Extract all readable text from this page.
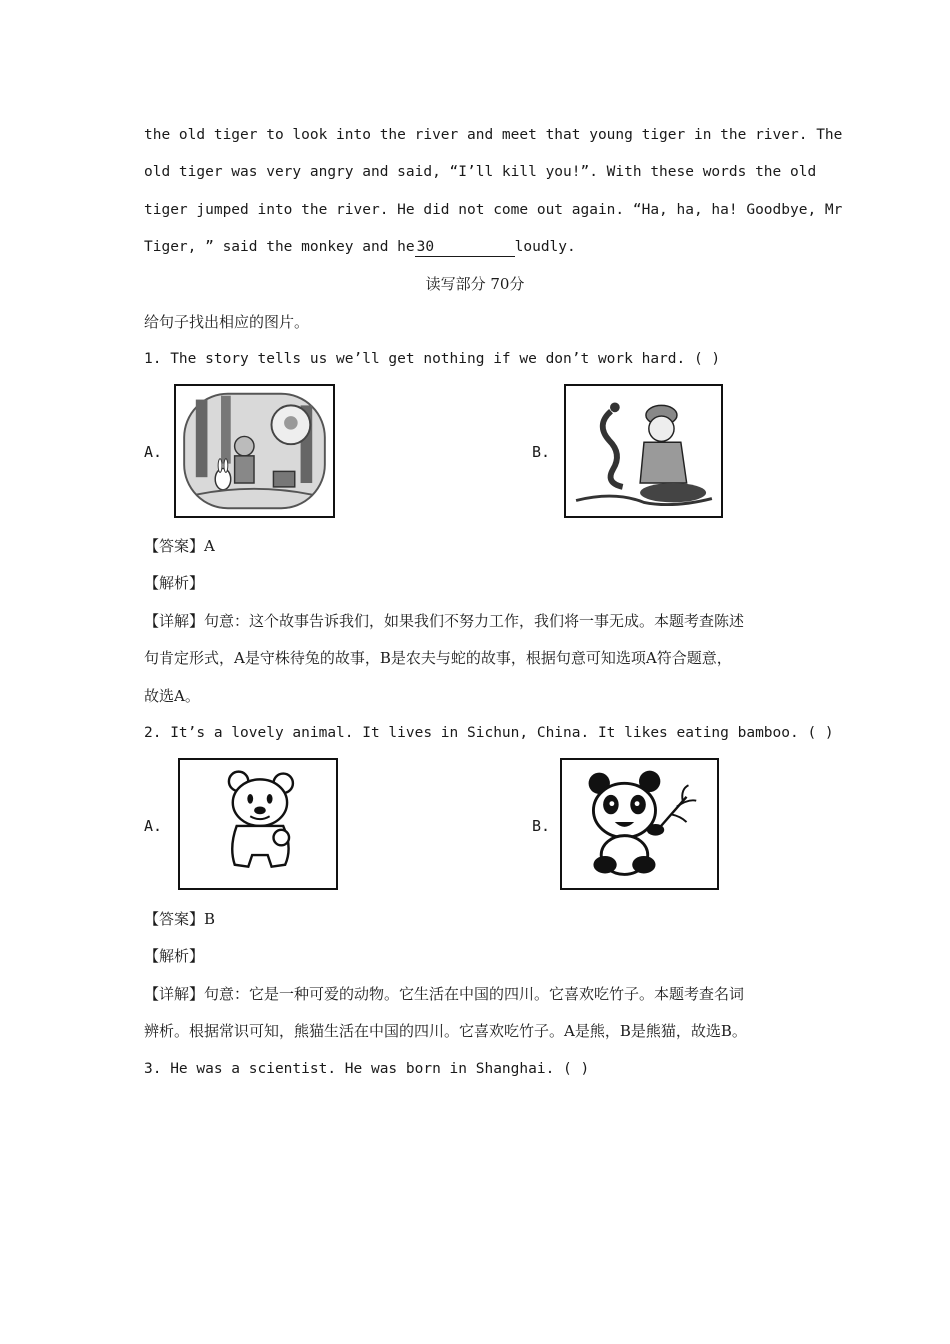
the old tiger to look into the river and meet that young tiger in the river. The
old tiger was very angry and said, “I’ll kill you!”. With these words the old
tiger jumped into the river. He did not come out again. “Ha, ha, ha! Goodbye, Mr
Tiger, ” said the monkey and he 30	loudly.
读写部分 70分
给句子找出相应的图片。
1. The story tells us we’ll get nothing if we don’t work hard. ( )
A.	B.
【答案】A
【解析】
【详解】句意：这个故事告诉我们，如果我们不努力工作，我们将一事无成。本题考查陈述
句肯定形式，A是守株待兔的故事，B是农夫与蛇的故事，根据句意可知选项A符合题意，
故选A。
2. It’s a lovely animal. It lives in Sichun, China. It likes eating bamboo. ( )
A.	B.
【答案】B
【解析】
【详解】句意：它是一种可爱的动物。它生活在中国的四川。它喜欢吃竹子。本题考查名词
辨析。根据常识可知，熊猫生活在中国的四川。它喜欢吃竹子。A是熊，B是熊猫，故选B。
3. He was a scientist. He was born in Shanghai. ( )
